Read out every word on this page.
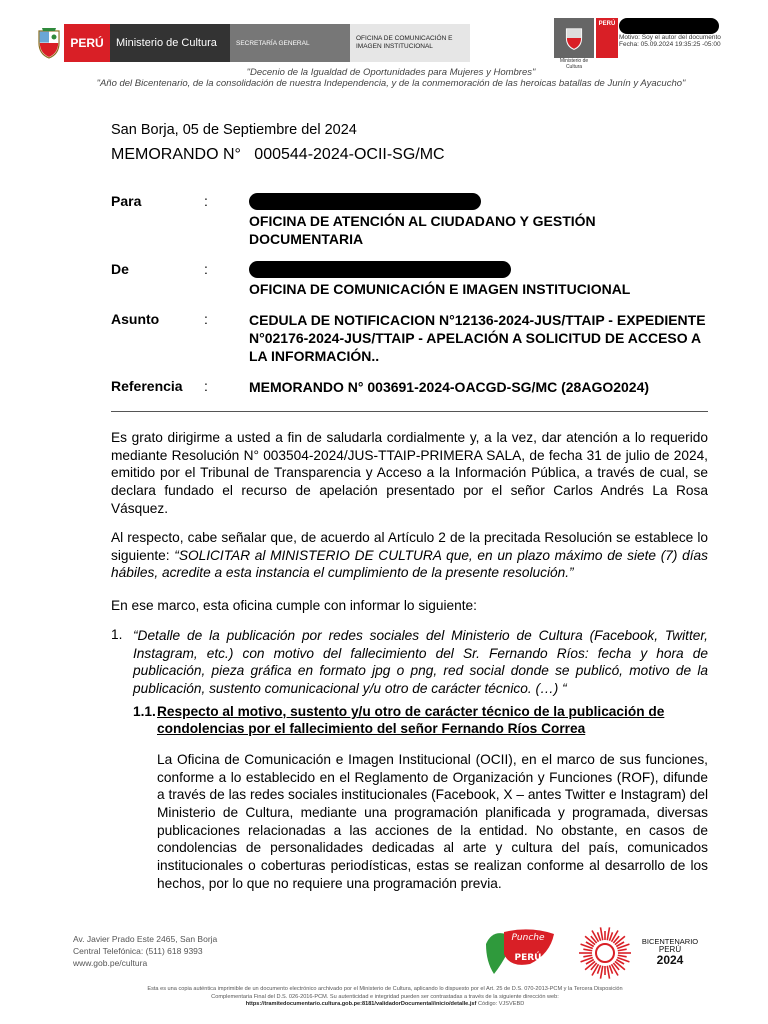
PERÚ	Ministerio de Cultura	SECRETARÍA GENERAL
OFICINA DE COMUNICACIÓN E IMAGEN INSTITUCIONAL
Ministerio de Cultura
PERÚ
Motivo: Soy el autor del documento
Fecha: 05.09.2024 19:35:25 -05:00
"Decenio de la Igualdad de Oportunidades para Mujeres y Hombres"
"Año del Bicentenario, de la consolidación de nuestra Independencia, y de la conmemoración de las heroicas batallas de Junín y Ayacucho"
San Borja, 05 de Septiembre del 2024
MEMORANDO N° 000544-2024-OCII-SG/MC
Para	:
OFICINA DE ATENCIÓN AL CIUDADANO Y GESTIÓN DOCUMENTARIA
De	:
OFICINA DE COMUNICACIÓN E IMAGEN INSTITUCIONAL
Asunto	:	CEDULA DE NOTIFICACION N°12136-2024-JUS/TTAIP - EXPEDIENTE N°02176-2024-JUS/TTAIP - APELACIÓN A SOLICITUD DE ACCESO A LA INFORMACIÓN..
Referencia :	MEMORANDO N° 003691-2024-OACGD-SG/MC (28AGO2024)
Es grato dirigirme a usted a fin de saludarla cordialmente y, a la vez, dar atención a lo requerido mediante Resolución N° 003504-2024/JUS-TTAIP-PRIMERA SALA, de fecha 31 de julio de 2024, emitido por el Tribunal de Transparencia y Acceso a la Información Pública, a través de cual, se declara fundado el recurso de apelación presentado por el señor Carlos Andrés La Rosa Vásquez.
Al respecto, cabe señalar que, de acuerdo al Artículo 2 de la precitada Resolución se establece lo siguiente: “SOLICITAR al MINISTERIO DE CULTURA que, en un plazo máximo de siete (7) días hábiles, acredite a esta instancia el cumplimiento de la presente resolución.”
En ese marco, esta oficina cumple con informar lo siguiente:
1. “Detalle de la publicación por redes sociales del Ministerio de Cultura (Facebook, Twitter, Instagram, etc.) con motivo del fallecimiento del Sr. Fernando Ríos: fecha y hora de publicación, pieza gráfica en formato jpg o png, red social donde se publicó, motivo de la publicación, sustento comunicacional y/u otro de carácter técnico. (…) “
1.1. Respecto al motivo, sustento y/u otro de carácter técnico de la publicación de condolencias por el fallecimiento del señor Fernando Ríos Correa
La Oficina de Comunicación e Imagen Institucional (OCII), en el marco de sus funciones, conforme a lo establecido en el Reglamento de Organización y Funciones (ROF), difunde a través de las redes sociales institucionales (Facebook, X – antes Twitter e Instagram) del Ministerio de Cultura, mediante una programación planificada y programada, diversas publicaciones relacionadas a las acciones de la entidad. No obstante, en casos de condolencias de personalidades dedicadas al arte y cultura del país, comunicados institucionales o coberturas periodísticas, estas se realizan conforme al desarrollo de los hechos, por lo que no requiere una programación previa.
Av. Javier Prado Este 2465, San Borja
Central Telefónica: (511) 618 9393
www.gob.pe/cultura
Punche
PERÚ
BICENTENARIO
PERÚ
2024
Esta es una copia auténtica imprimible de un documento electrónico archivado por el Ministerio de Cultura, aplicando lo dispuesto por el Art. 25 de D.S. 070-2013-PCM y la Tercera Disposición
Complementaria Final del D.S. 026-2016-PCM. Su autenticidad e integridad pueden ser contrastadas a través de la siguiente dirección web:
https://tramitedocumentario.cultura.gob.pe:8181/validadorDocumental/inicio/detalle.jsf Código: VJSVEBD
